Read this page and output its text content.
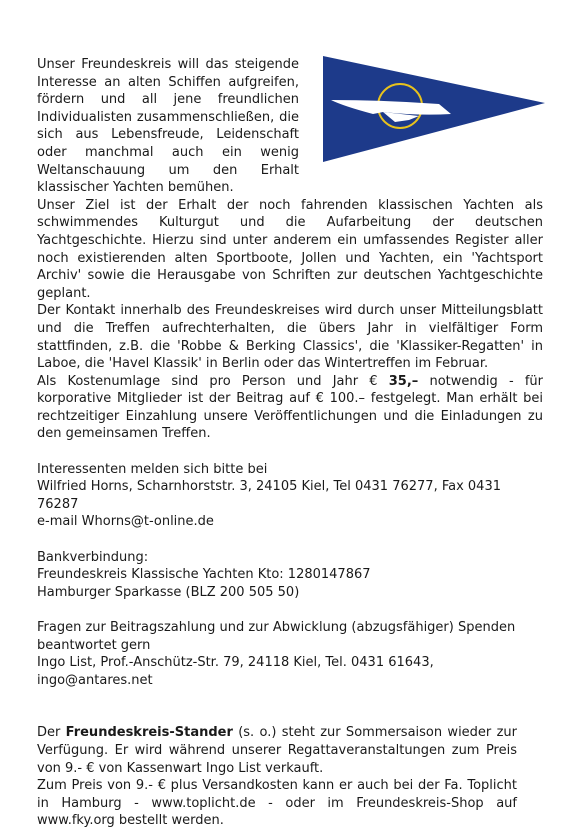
Unser Freundeskreis will das steigende Interesse an alten Schiffen aufgreifen, fördern und all jene freundlichen Individualisten zusammenschließen, die sich aus Lebensfreude, Leidenschaft oder manchmal auch ein wenig Weltanschauung um den Erhalt klassischer Yachten bemühen.

Unser Ziel ist der Erhalt der noch fahrenden klassischen Yachten als schwimmendes Kulturgut und die Aufarbeitung der deutschen Yachtgeschichte. Hierzu sind unter anderem ein umfassendes Register aller noch existierenden alten Sportboote, Jollen und Yachten, ein 'Yachtsport Archiv' sowie die Herausgabe von Schriften zur deutschen Yachtgeschichte geplant.

Der Kontakt innerhalb des Freundeskreises wird durch unser Mitteilungsblatt und die Treffen aufrechterhalten, die übers Jahr in vielfältiger Form stattfinden, z.B. die 'Robbe & Berking Classics', die 'Klassiker-Regatten' in Laboe, die 'Havel Klassik' in Berlin oder das Wintertreffen im Februar.

Als Kostenumlage sind pro Person und Jahr € 35,– notwendig - für korporative Mitglieder ist der Beitrag auf € 100.– festgelegt. Man erhält bei rechtzeitiger Einzahlung unsere Veröffentlichungen und die Einladungen zu den gemeinsamen Treffen.

Interessenten melden sich bitte bei

Wilfried Horns, Scharnhorststr. 3, 24105 Kiel, Tel 0431 76277, Fax 0431 76287

e-mail Whorns@t-online.de

Bankverbindung:

Freundeskreis Klassische Yachten Kto: 1280147867

Hamburger Sparkasse (BLZ 200 505 50)

Fragen zur Beitragszahlung und zur Abwicklung (abzugsfähiger) Spenden

beantwortet gern

Ingo List, Prof.-Anschütz-Str. 79, 24118 Kiel, Tel. 0431 61643, ingo@antares.net

Der Freundeskreis-Stander (s. o.) steht zur Sommersaison wieder zur Verfügung. Er wird während unserer Regattaveranstaltungen zum Preis von 9.- € von Kassenwart Ingo List verkauft.

Zum Preis von 9.- € plus Versandkosten kann er auch bei der Fa. Toplicht in Hamburg - www.toplicht.de - oder im Freundeskreis-Shop auf www.fky.org bestellt werden.
